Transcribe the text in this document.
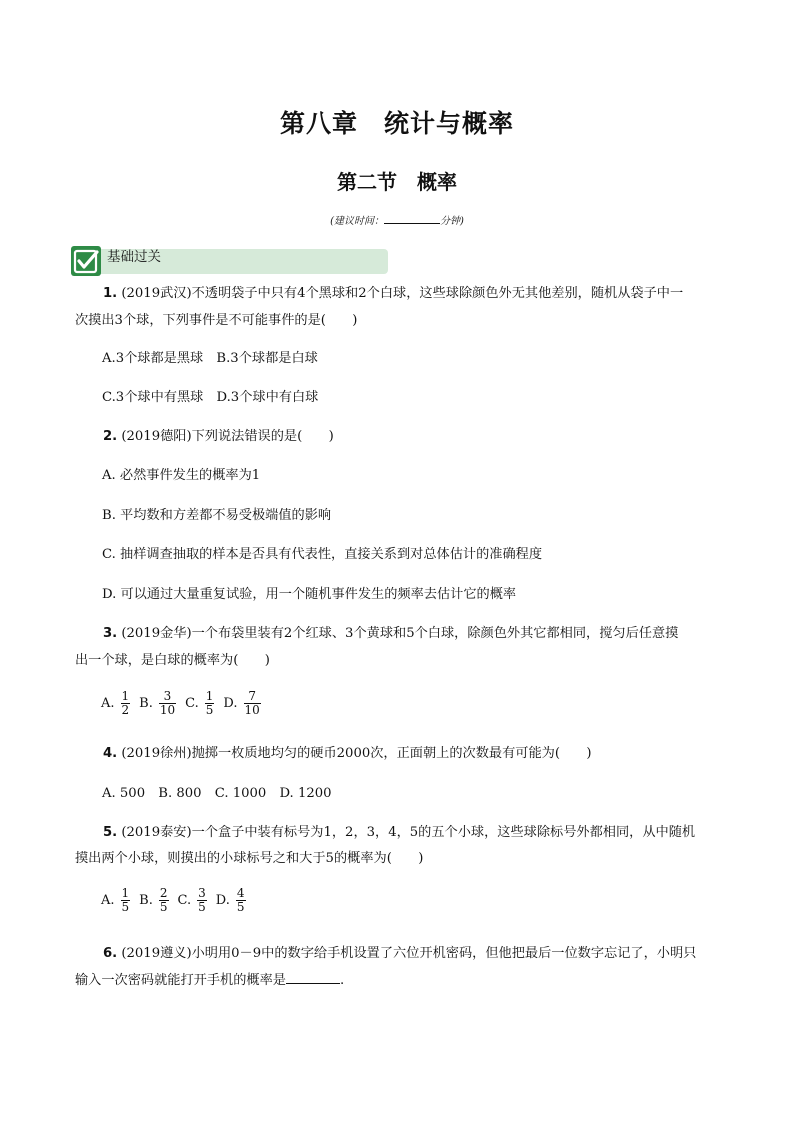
第八章　统计与概率
第二节　概率
(建议时间：	分钟)
基础过关
1. (2019武汉)不透明袋子中只有4个黑球和2个白球，这些球除颜色外无其他差别，随机从袋子中一
次摸出3个球，下列事件是不可能事件的是(　　)
A.3个球都是黑球　B.3个球都是白球
C.3个球中有黑球　D.3个球中有白球
2. (2019德阳)下列说法错误的是(　　)
A. 必然事件发生的概率为1
B. 平均数和方差都不易受极端值的影响
C. 抽样调查抽取的样本是否具有代表性，直接关系到对总体估计的准确程度
D. 可以通过大量重复试验，用一个随机事件发生的频率去估计它的概率
3. (2019金华)一个布袋里装有2个红球、3个黄球和5个白球，除颜色外其它都相同，搅匀后任意摸
出一个球，是白球的概率为(　　)
A. $\frac{1}{2} B$. $\frac{3}{10} C$. $\frac{1}{5} D$. $\frac{7}{10}$
4. (2019徐州)抛掷一枚质地均匀的硬币2000次，正面朝上的次数最有可能为(　　)
A. 500　B. 800　C. 1000　D. 1200
5. (2019泰安)一个盒子中装有标号为1，2，3，4，5的五个小球，这些球除标号外都相同，从中随机
摸出两个小球，则摸出的小球标号之和大于5的概率为(　　)
A. $\frac{1}{5} B$. $\frac{2}{5} C$. $\frac{3}{5} D$. $\frac{4}{5}$
6. (2019遵义)小明用0－9中的数字给手机设置了六位开机密码，但他把最后一位数字忘记了，小明只
输入一次密码就能打开手机的概率是	.
